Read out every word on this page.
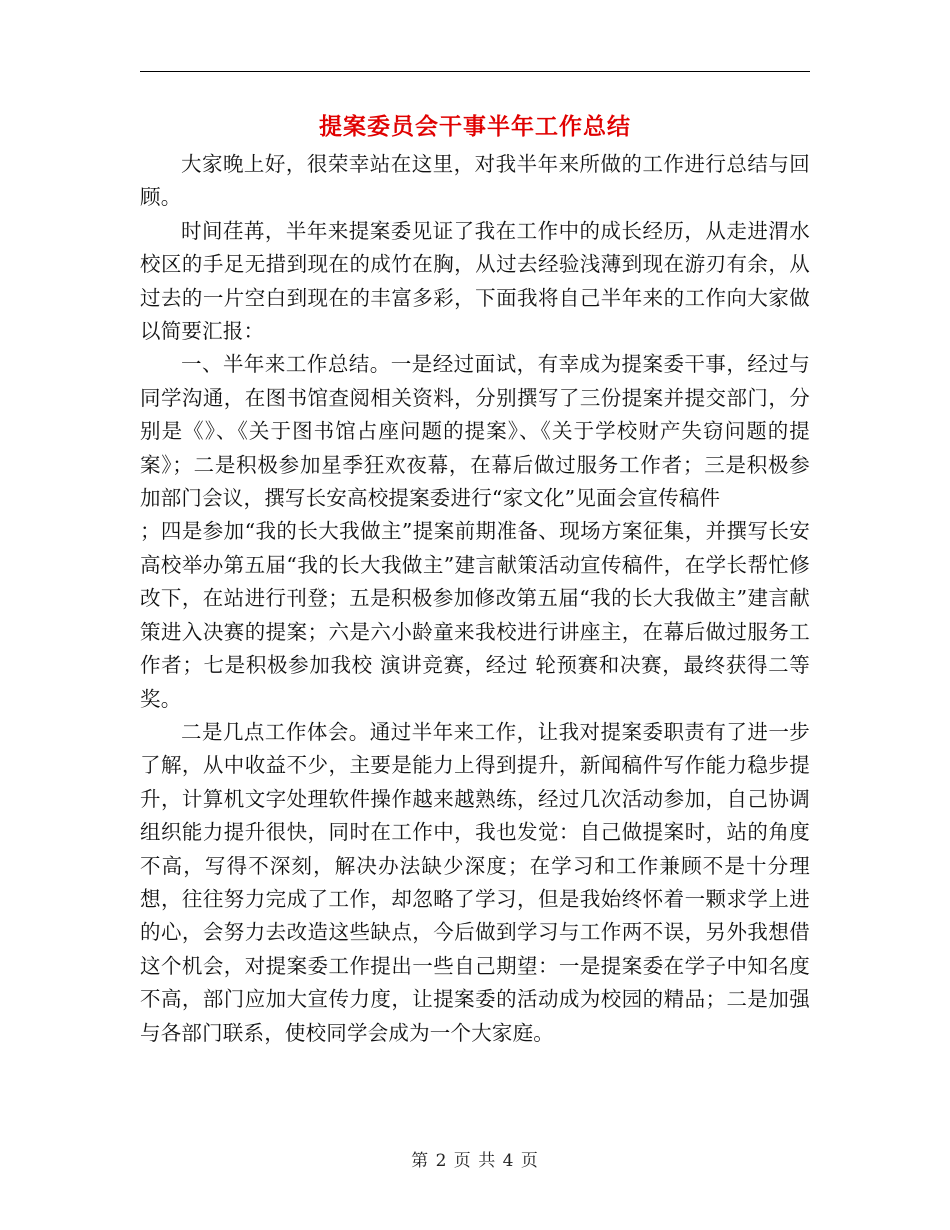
提案委员会干事半年工作总结

大家晚上好，很荣幸站在这里，对我半年来所做的工作进行总结与回顾。

时间荏苒，半年来提案委见证了我在工作中的成长经历，从走进渭水校区的手足无措到现在的成竹在胸，从过去经验浅薄到现在游刃有余，从过去的一片空白到现在的丰富多彩，下面我将自己半年来的工作向大家做以简要汇报：

一、半年来工作总结。一是经过面试，有幸成为提案委干事，经过与同学沟通，在图书馆查阅相关资料，分别撰写了三份提案并提交部门，分别是《》、《关于图书馆占座问题的提案》、《关于学校财产失窃问题的提案》；二是积极参加星季狂欢夜幕，在幕后做过服务工作者；三是积极参加部门会议，撰写长安高校提案委进行“家文化”见面会宣传稿件

；四是参加“我的长大我做主”提案前期准备、现场方案征集，并撰写长安高校举办第五届“我的长大我做主”建言献策活动宣传稿件，在学长帮忙修改下，在站进行刊登；五是积极参加修改第五届“我的长大我做主”建言献策进入决赛的提案；六是六小龄童来我校进行讲座主，在幕后做过服务工作者；七是积极参加我校 演讲竞赛，经过 轮预赛和决赛，最终获得二等奖。

二是几点工作体会。通过半年来工作，让我对提案委职责有了进一步了解，从中收益不少，主要是能力上得到提升，新闻稿件写作能力稳步提升，计算机文字处理软件操作越来越熟练，经过几次活动参加，自己协调组织能力提升很快，同时在工作中，我也发觉：自己做提案时，站的角度不高，写得不深刻，解决办法缺少深度；在学习和工作兼顾不是十分理想，往往努力完成了工作，却忽略了学习，但是我始终怀着一颗求学上进的心，会努力去改造这些缺点，今后做到学习与工作两不误，另外我想借这个机会，对提案委工作提出一些自己期望：一是提案委在学子中知名度不高，部门应加大宣传力度，让提案委的活动成为校园的精品；二是加强与各部门联系，使校同学会成为一个大家庭。

第 2 页 共 4 页
